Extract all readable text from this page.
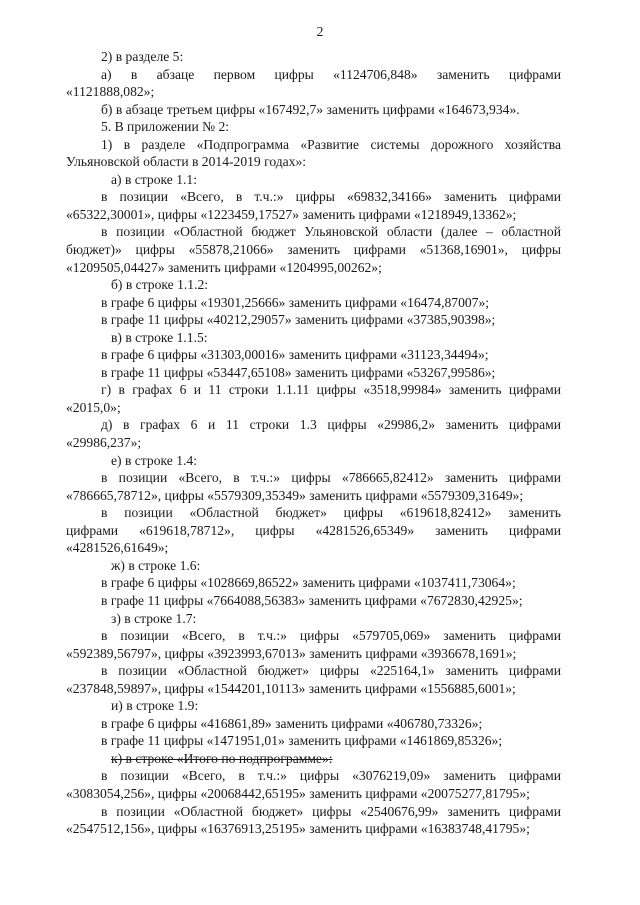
2
2) в разделе 5:
а) в абзаце первом цифры «1124706,848» заменить цифрами
«1121888,082»;
б) в абзаце третьем цифры «167492,7» заменить цифрами «164673,934».
5. В приложении № 2:
1) в разделе «Подпрограмма «Развитие системы дорожного хозяйства
Ульяновской области в 2014-2019 годах»:
а) в строке 1.1:
в позиции «Всего, в т.ч.:» цифры «69832,34166» заменить цифрами
«65322,30001», цифры «1223459,17527» заменить цифрами «1218949,13362»;
в позиции «Областной бюджет Ульяновской области (далее – областной
бюджет)» цифры «55878,21066» заменить цифрами «51368,16901», цифры
«1209505,04427» заменить цифрами «1204995,00262»;
б) в строке 1.1.2:
в графе 6 цифры «19301,25666» заменить цифрами «16474,87007»;
в графе 11 цифры «40212,29057» заменить цифрами «37385,90398»;
в) в строке 1.1.5:
в графе 6 цифры «31303,00016» заменить цифрами «31123,34494»;
в графе 11 цифры «53447,65108» заменить цифрами «53267,99586»;
г) в графах 6 и 11 строки 1.1.11 цифры «3518,99984» заменить цифрами
«2015,0»;
д) в графах 6 и 11 строки 1.3 цифры «29986,2» заменить цифрами
«29986,237»;
е) в строке 1.4:
в позиции «Всего, в т.ч.:» цифры «786665,82412» заменить цифрами
«786665,78712», цифры «5579309,35349» заменить цифрами «5579309,31649»;
в позиции «Областной бюджет» цифры «619618,82412» заменить
цифрами «619618,78712», цифры «4281526,65349» заменить цифрами
«4281526,61649»;
ж) в строке 1.6:
в графе 6 цифры «1028669,86522» заменить цифрами «1037411,73064»;
в графе 11 цифры «7664088,56383» заменить цифрами «7672830,42925»;
з) в строке 1.7:
в позиции «Всего, в т.ч.:» цифры «579705,069» заменить цифрами
«592389,56797», цифры «3923993,67013» заменить цифрами «3936678,1691»;
в позиции «Областной бюджет» цифры «225164,1» заменить цифрами
«237848,59897», цифры «1544201,10113» заменить цифрами «1556885,6001»;
и) в строке 1.9:
в графе 6 цифры «416861,89» заменить цифрами «406780,73326»;
в графе 11 цифры «1471951,01» заменить цифрами «1461869,85326»;
к) в строке «Итого по подпрограмме»:
в позиции «Всего, в т.ч.:» цифры «3076219,09» заменить цифрами
«3083054,256», цифры «20068442,65195» заменить цифрами «20075277,81795»;
в позиции «Областной бюджет» цифры «2540676,99» заменить цифрами
«2547512,156», цифры «16376913,25195» заменить цифрами «16383748,41795»;
